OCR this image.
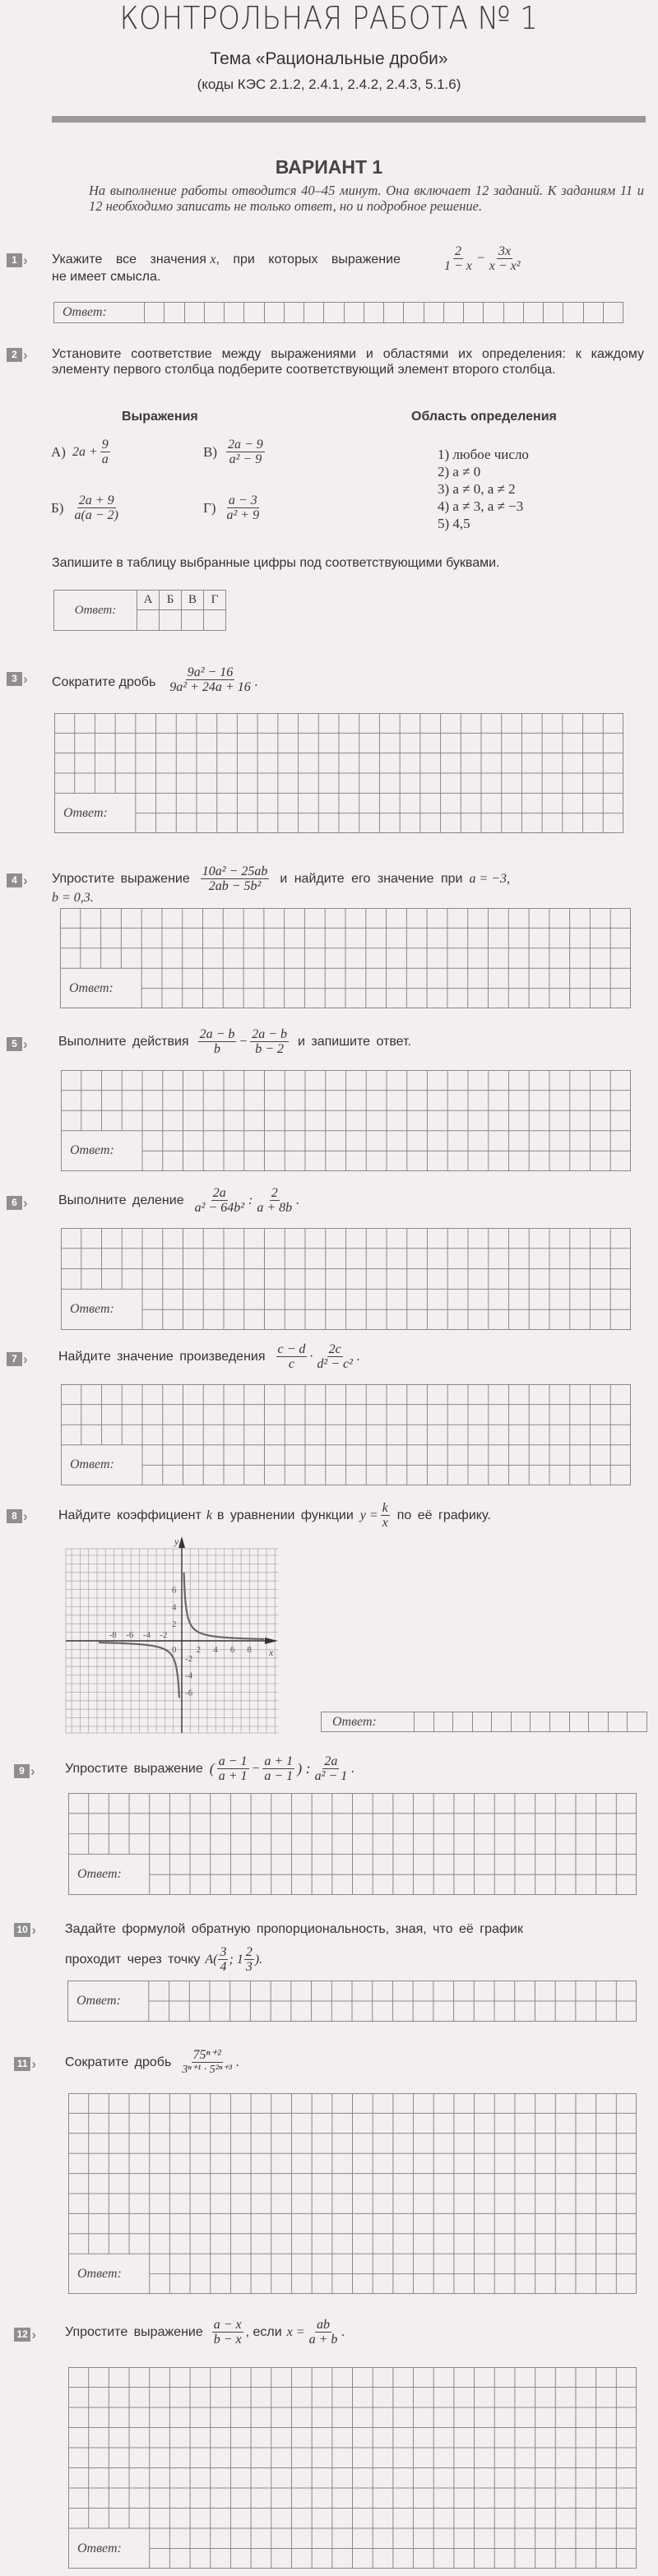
КОНТРОЛЬНАЯ РАБОТА № 1
Тема «Рациональные дроби»
(коды КЭС 2.1.2, 2.4.1, 2.4.2, 2.4.3, 5.1.6)
ВАРИАНТ 1
На выполнение работы отводится 40–45 минут. Она включает 12 заданий. К заданиям 11 и 12 необходимо записать не только ответ, но и подробное решение.
1 › Укажите все значения x, при которых выражение	$\frac{2}{1 - x} - \frac{3x}{\text{x − x²}}$
не имеет смысла.
Ответ:
2 › Установите соответствие между выражениями и областями их определения: к каждому элементу первого столбца подберите соответствующий элемент второго столбца.
Выражения	Область определения
А) $2a + \frac{9}{a}$
$Б) \frac{2a + 9}{a(a - 2)}$
$В) \frac{2a - 9}{\text{a² − 9}}$
$Г) \frac{a - 3}{\text{a² + 9}}$
1) любое число
2) a ≠ 0
3) a ≠ 0, a ≠ 2
4) a ≠ 3, a ≠ −3
5) 4,5
Запишите в таблицу выбранные цифры под соответствующими буквами.
Ответ:	А	Б	В	Г

3 › Сократите дробь $\frac{\text{9a² − 16}}{\text{9a² + 24a + 16}}$ .
Ответ:
4 › Упростите выражение $\frac{\text{10a² − 25ab}}{\text{2ab − 5b²}}$ и найдите его значение при a = −3,
b = 0,3.
Ответ:
5 › Выполните действия $\frac{2a - b}{b} - \frac{2a - b}{b - 2}$ и запишите ответ.
Ответ:
6 › Выполните деление $\frac{2a}{\text{a² − 64b²}}$ : $\frac{2}{a + 8b}$ .
Ответ:
7 › Найдите значение произведения $\frac{c - d}{c} \cdot \frac{2c}{\text{d² − c²}}$ .
Ответ:
8 › Найдите коэффициент k в уравнении функции $y = \frac{k}{x}$ по её графику.
-8 -6 -4 -2
0 2 4 6 8
6
4
2
-2
-4
-6
y
x
Ответ:
9 › Упростите выражение ( $\frac{a - 1}{a + 1} - \frac{a + 1}{a - 1}$ ) : $\frac{2a}{\text{a² − 1}}$ .
Ответ:
10 › Задайте формулой обратную пропорциональность, зная, что её график
проходит через точку $A( \frac{3}{4}$ ; $1 \frac{2}{3}$ ).
Ответ:
11 › Сократите дробь $\frac{\text{75ⁿ⁺²}}{\text{3ⁿ⁺¹ · 5²ⁿ⁺³}}$ .
Ответ:
12 › Упростите выражение $\frac{a - x}{b - x}$ , если $x = \frac{ab}{a + b}$ .
Ответ:
